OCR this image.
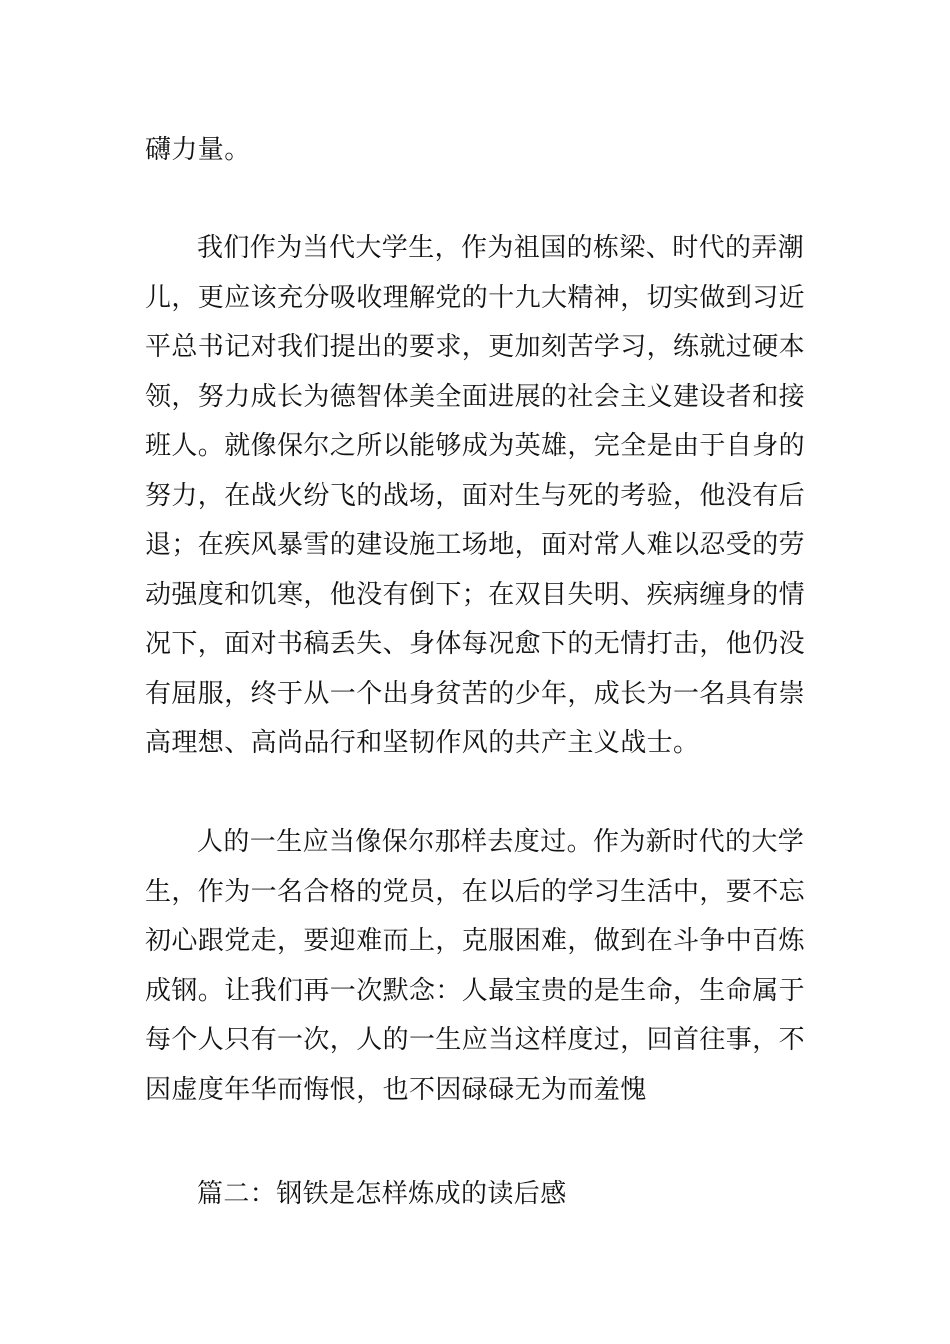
礴力量。
我们作为当代大学生，作为祖国的栋梁、时代的弄潮
儿，更应该充分吸收理解党的十九大精神，切实做到习近
平总书记对我们提出的要求，更加刻苦学习，练就过硬本
领，努力成长为德智体美全面进展的社会主义建设者和接
班人。就像保尔之所以能够成为英雄，完全是由于自身的
努力，在战火纷飞的战场，面对生与死的考验，他没有后
退；在疾风暴雪的建设施工场地，面对常人难以忍受的劳
动强度和饥寒，他没有倒下；在双目失明、疾病缠身的情
况下，面对书稿丢失、身体每况愈下的无情打击，他仍没
有屈服，终于从一个出身贫苦的少年，成长为一名具有崇
高理想、高尚品行和坚韧作风的共产主义战士。
人的一生应当像保尔那样去度过。作为新时代的大学
生，作为一名合格的党员，在以后的学习生活中，要不忘
初心跟党走，要迎难而上，克服困难，做到在斗争中百炼
成钢。让我们再一次默念：人最宝贵的是生命，生命属于
每个人只有一次，人的一生应当这样度过，回首往事，不
因虚度年华而悔恨，也不因碌碌无为而羞愧
篇二：钢铁是怎样炼成的读后感
